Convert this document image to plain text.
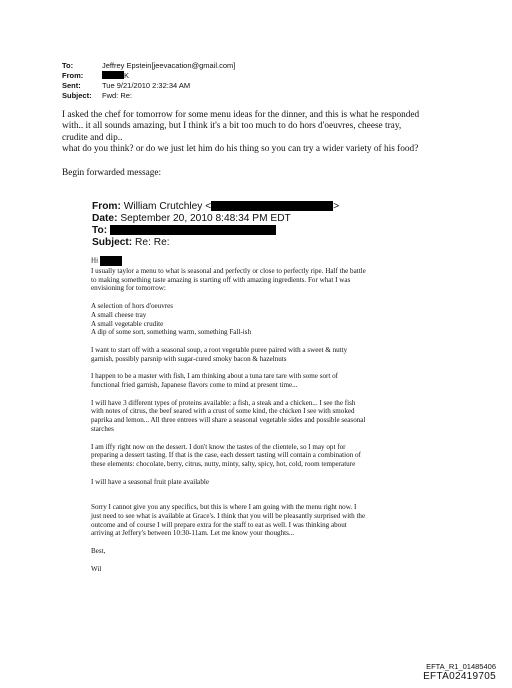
To:	Jeffrey Epstein[jeevacation@gmail.com]
From:	K
Sent:	Tue 9/21/2010 2:32:34 AM
Subject:	Fwd: Re:
I asked the chef for tomorrow for some menu ideas for the dinner, and this is what he responded
with.. it all sounds amazing, but I think it's a bit too much to do hors d'oeuvres, cheese tray,
crudite and dip..
what do you think? or do we just let him do his thing so you can try a wider variety of his food?
Begin forwarded message:
From: William Crutchley <	>
Date: September 20, 2010 8:48:34 PM EDT
To:
Subject: Re: Re:

Hi

I usually taylor a menu to what is seasonal and perfectly or close to perfectly ripe. Half the battle
to making something taste amazing is starting off with amazing ingredients. For what I was
envisioning for tomorrow:

A selection of hors d'oeuvres
A small cheese tray
A small vegetable crudite
A dip of some sort, something warm, something Fall-ish

I want to start off with a seasonal soup, a root vegetable puree paired with a sweet & nutty
garnish, possibly parsnip with sugar-cured smoky bacon & hazelnuts

I happen to be a master with fish, I am thinking about a tuna tare tare with some sort of
functional fried garnish, Japanese flavors come to mind at present time...

I will have 3 different types of proteins available: a fish, a steak and a chicken... I see the fish
with notes of citrus, the beef seared with a crust of some kind, the chicken I see with smoked
paprika and lemon... All three entrees will share a seasonal vegetable sides and possible seasonal
starches

I am iffy right now on the dessert. I don't know the tastes of the clientele, so I may opt for
preparing a dessert tasting. If that is the case, each dessert tasting will contain a combination of
these elements: chocolate, berry, citrus, nutty, minty, salty, spicy, hot, cold, room temperature

I will have a seasonal fruit plate available

Sorry I cannot give you any specifics, but this is where I am going with the menu right now. I
just need to see what is available at Grace's. I think that you will be pleasantly surprised with the
outcome and of course I will prepare extra for the staff to eat as well. I was thinking about
arriving at Jeffery's between 10:30-11am. Let me know your thoughts...

Best,

Wil

EFTA_R1_01485406
EFTA02419705
